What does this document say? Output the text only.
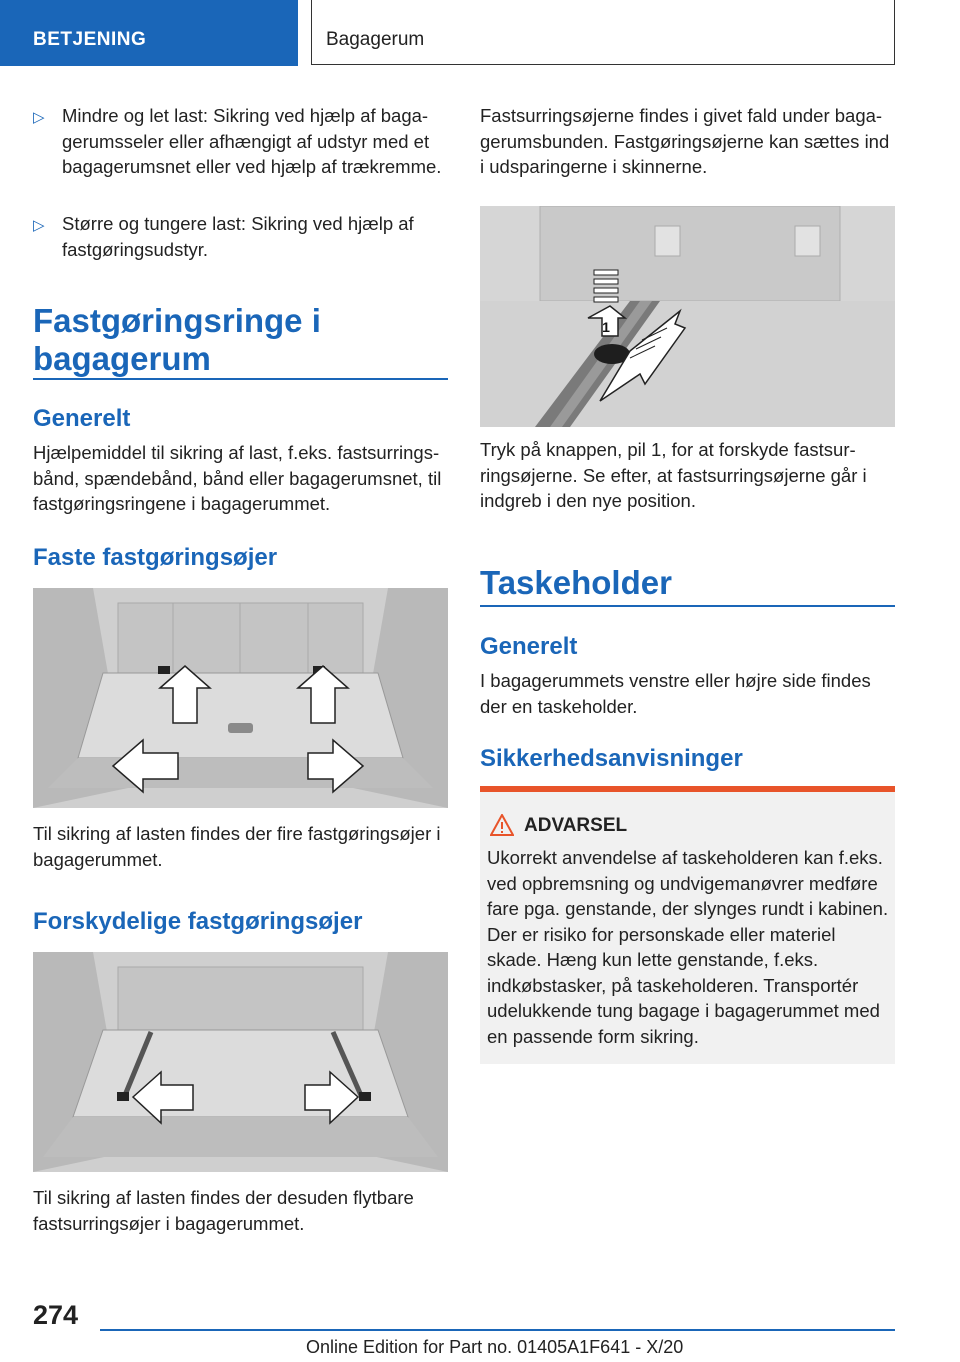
BETJENING	Bagagerum
▷ Mindre og let last: Sikring ved hjælp af bagagerumsseler eller afhængigt af udstyr med et bagagerumsnet eller ved hjælp af trækremme.
▷ Større og tungere last: Sikring ved hjælp af fastgøringsudstyr.
Fastgøringsringe i bagagerum
Generelt
Hjælpemiddel til sikring af last, f.eks. fastsurringsbånd, spændebånd, bånd eller bagagerumsnet, til fastgøringsringene i bagagerummet.
Faste fastgøringsøjer
Til sikring af lasten findes der fire fastgøringsøjer i bagagerummet.
Forskydelige fastgøringsøjer
Til sikring af lasten findes der desuden flytbare fastsurringsøjer i bagagerummet.
Fastsurringsøjerne findes i givet fald under bagagerumsbunden. Fastgøringsøjerne kan sættes ind i udsparingerne i skinnerne.
1
Tryk på knappen, pil 1, for at forskyde fastsurringsøjerne. Se efter, at fastsurringsøjerne går i indgreb i den nye position.
Taskeholder
Generelt
I bagagerummets venstre eller højre side findes der en taskeholder.
Sikkerhedsanvisninger
ADVARSEL
Ukorrekt anvendelse af taskeholderen kan f.eks. ved opbremsning og undvigemanøvrer medføre fare pga. genstande, der slynges rundt i kabinen. Der er risiko for personskade eller materiel skade. Hæng kun lette genstande, f.eks. indkøbstasker, på taskeholderen. Transportér udelukkende tung bagage i bagagerummet med en passende form sikring.
274
Online Edition for Part no. 01405A1F641 - X/20
